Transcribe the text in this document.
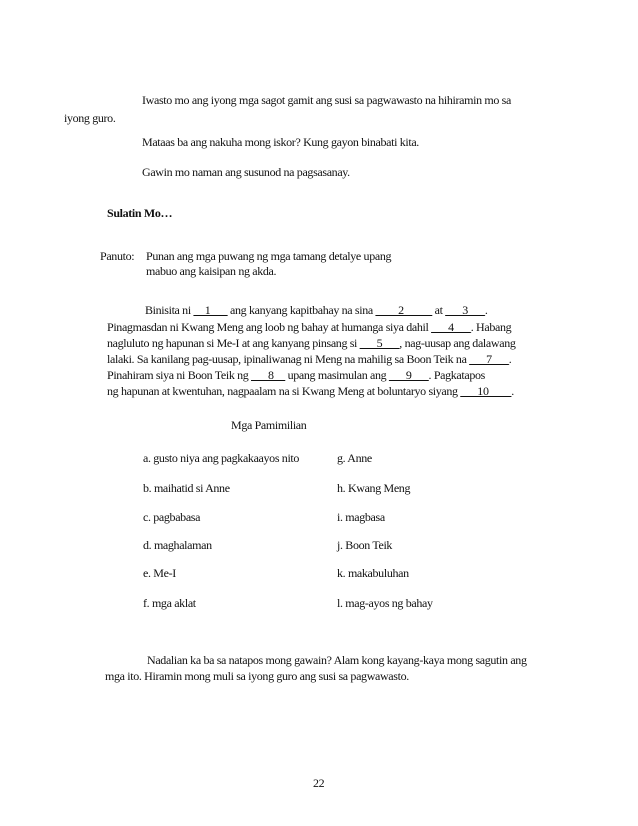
Iwasto mo ang iyong mga sagot gamit ang susi sa pagwawasto na hihiramin mo sa
iyong guro.
Mataas ba ang nakuha mong iskor? Kung gayon binabati kita.
Gawin mo naman ang susunod na pagsasanay.
Sulatin Mo…
Panuto: Punan ang mga puwang ng mga tamang detalye upang
mabuo ang kaisipan ng akda.
Binisita ni __1___ ang kanyang kapitbahay na sina ____2_____ at ___3___.
Pinagmasdan ni Kwang Meng ang loob ng bahay at humanga siya dahil ___4___. Habang
nagluluto ng hapunan si Me-I at ang kanyang pinsang si ___5___, nag-uusap ang dalawang
lalaki. Sa kanilang pag-uusap, ipinaliwanag ni Meng na mahilig sa Boon Teik na ___7___.
Pinahiram siya ni Boon Teik ng ___8__ upang masimulan ang ___9___. Pagkatapos
ng hapunan at kwentuhan, nagpaalam na si Kwang Meng at boluntaryo siyang ___10____.
Mga Pamimilian
a. gusto niya ang pagkakaayos nito
b. maihatid si Anne
c. pagbabasa
d. maghalaman
e. Me-I
f. mga aklat
g. Anne
h. Kwang Meng
i. magbasa
j. Boon Teik
k. makabuluhan
l. mag-ayos ng bahay
Nadalian ka ba sa natapos mong gawain? Alam kong kayang-kaya mong sagutin ang
mga ito. Hiramin mong muli sa iyong guro ang susi sa pagwawasto.
22
